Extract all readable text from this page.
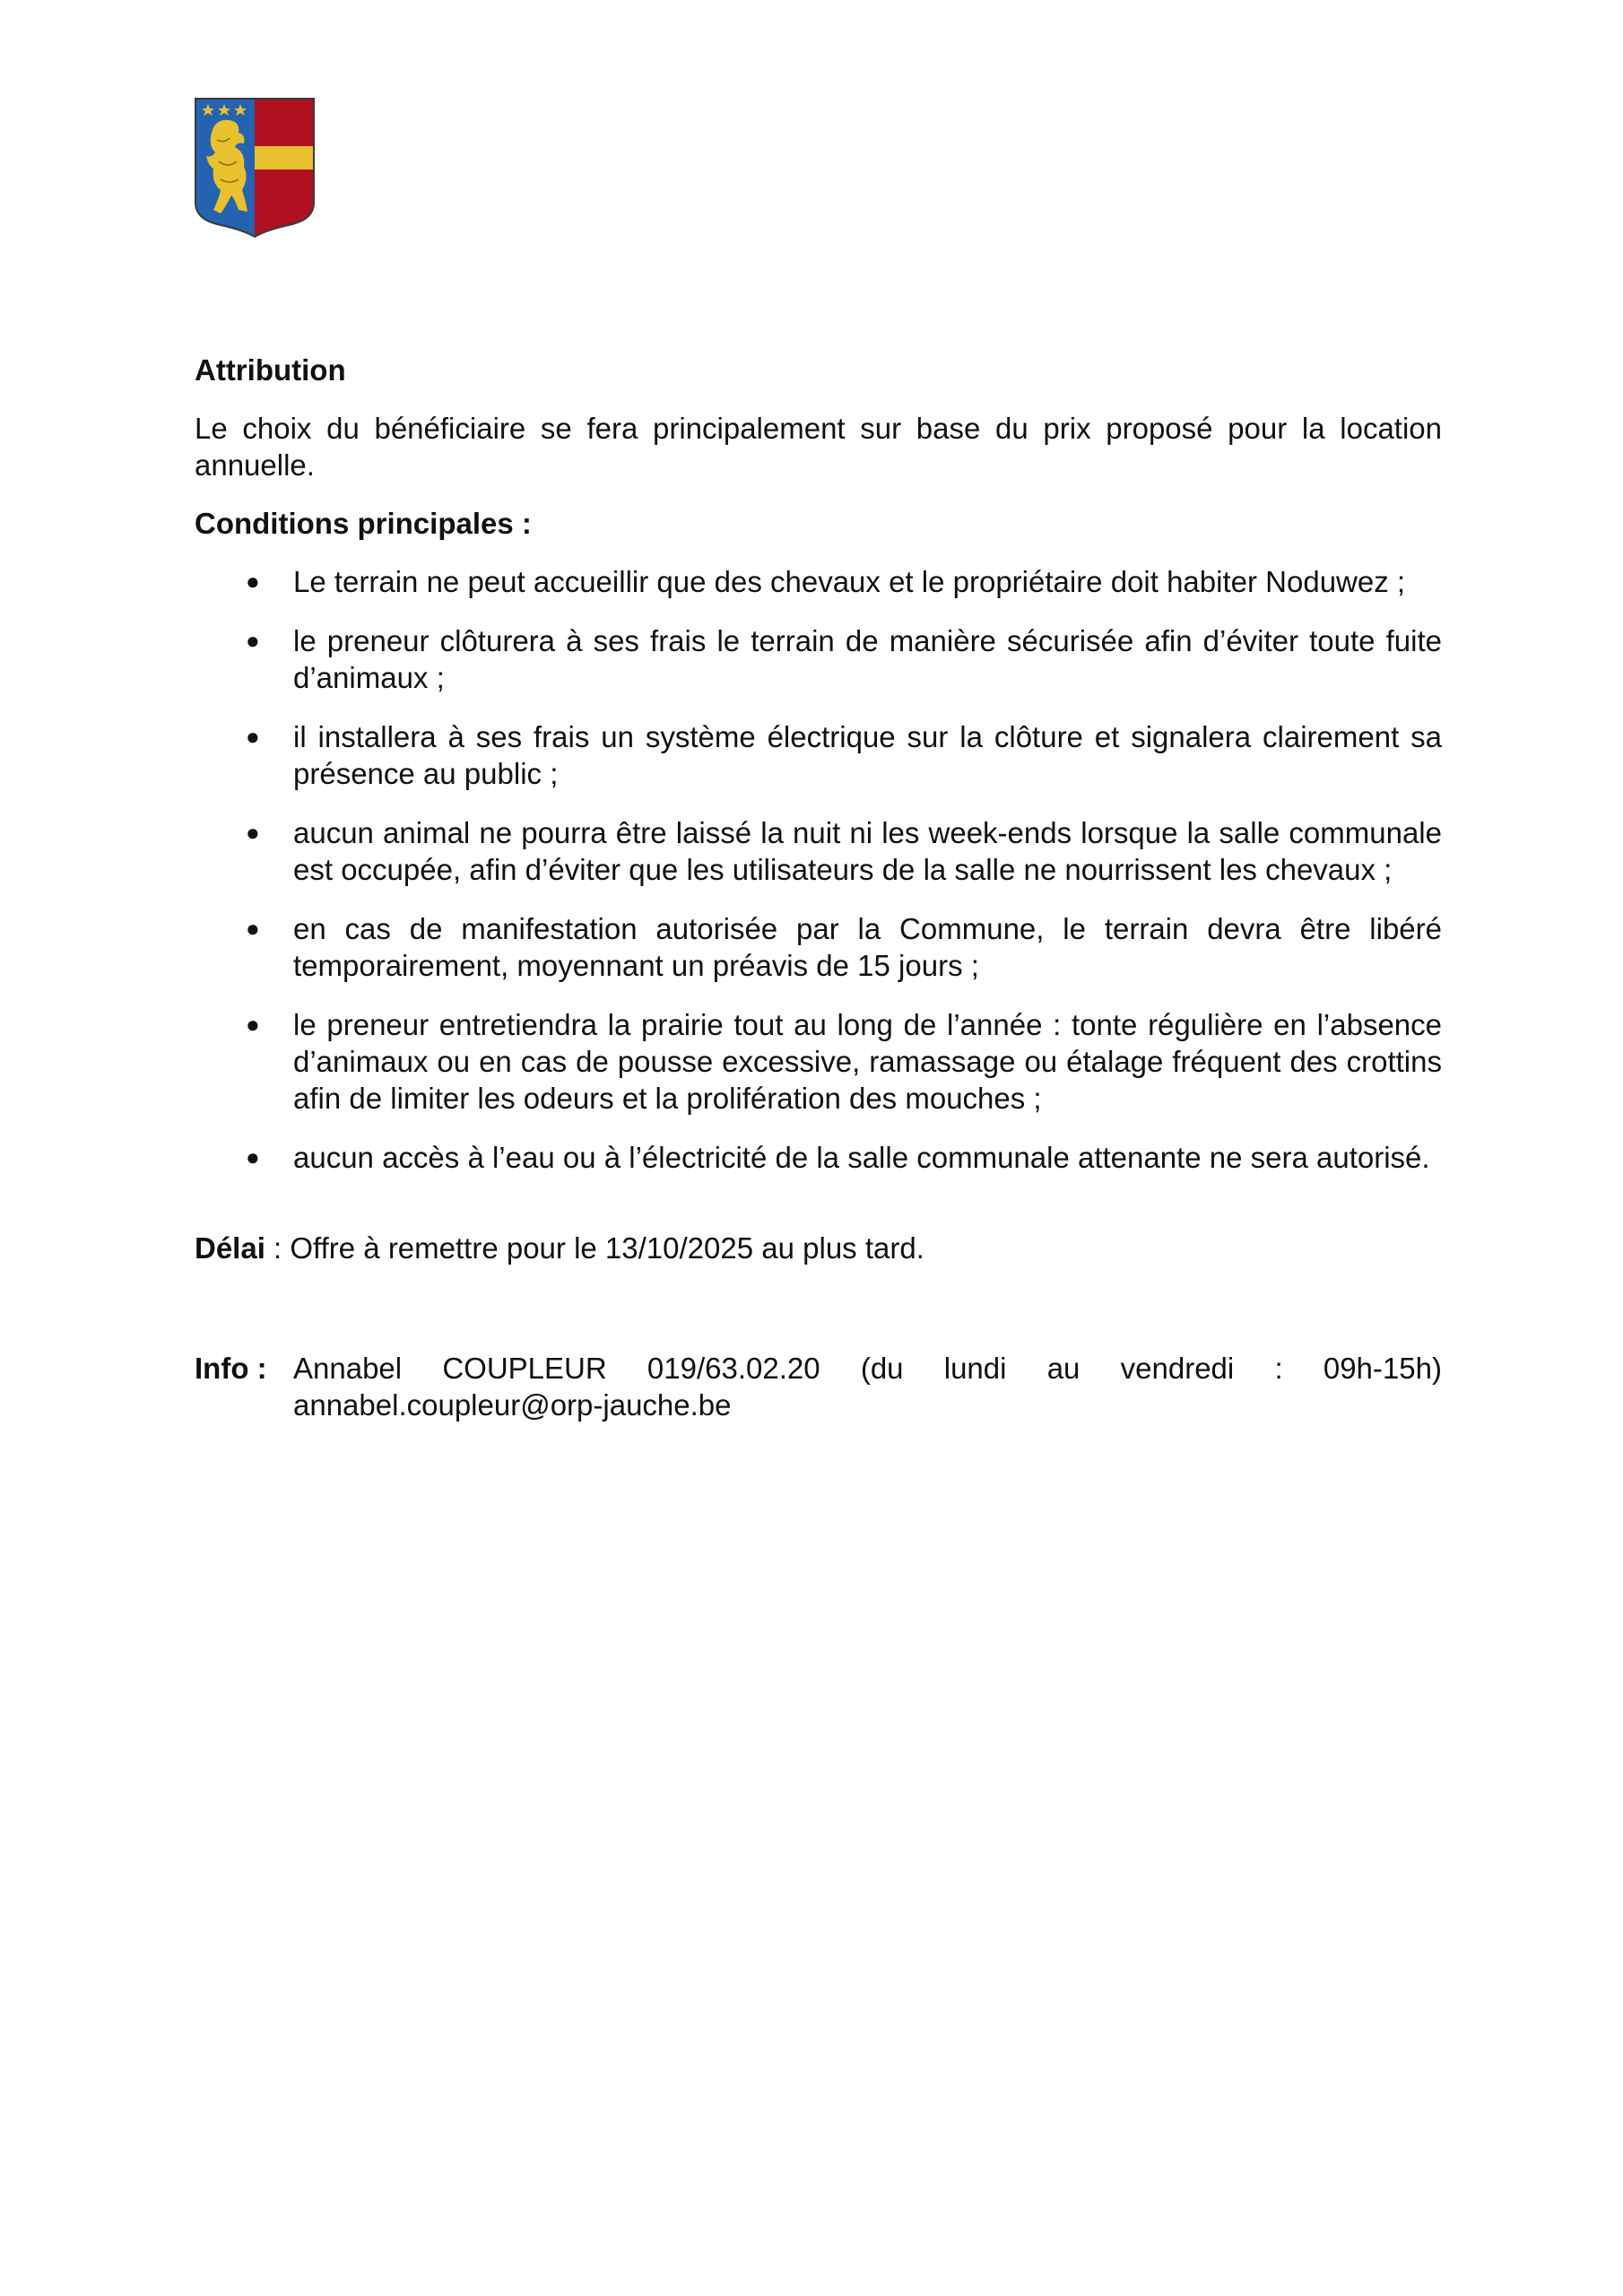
Attribution

Le choix du bénéficiaire se fera principalement sur base du prix proposé pour la location annuelle.

Conditions principales :

● Le terrain ne peut accueillir que des chevaux et le propriétaire doit habiter Noduwez ;
● le preneur clôturera à ses frais le terrain de manière sécurisée afin d’éviter toute fuite d’animaux ;
● il installera à ses frais un système électrique sur la clôture et signalera clairement sa présence au public ;
● aucun animal ne pourra être laissé la nuit ni les week-ends lorsque la salle communale est occupée, afin d’éviter que les utilisateurs de la salle ne nourrissent les chevaux ;
● en cas de manifestation autorisée par la Commune, le terrain devra être libéré temporairement, moyennant un préavis de 15 jours ;
● le preneur entretiendra la prairie tout au long de l’année : tonte régulière en l’absence d’animaux ou en cas de pousse excessive, ramassage ou étalage fréquent des crottins afin de limiter les odeurs et la prolifération des mouches ;
● aucun accès à l’eau ou à l’électricité de la salle communale attenante ne sera autorisé.

Délai : Offre à remettre pour le 13/10/2025 au plus tard.

Info : Annabel COUPLEUR 019/63.02.20 (du lundi au vendredi : 09h-15h)
annabel.coupleur@orp-jauche.be
